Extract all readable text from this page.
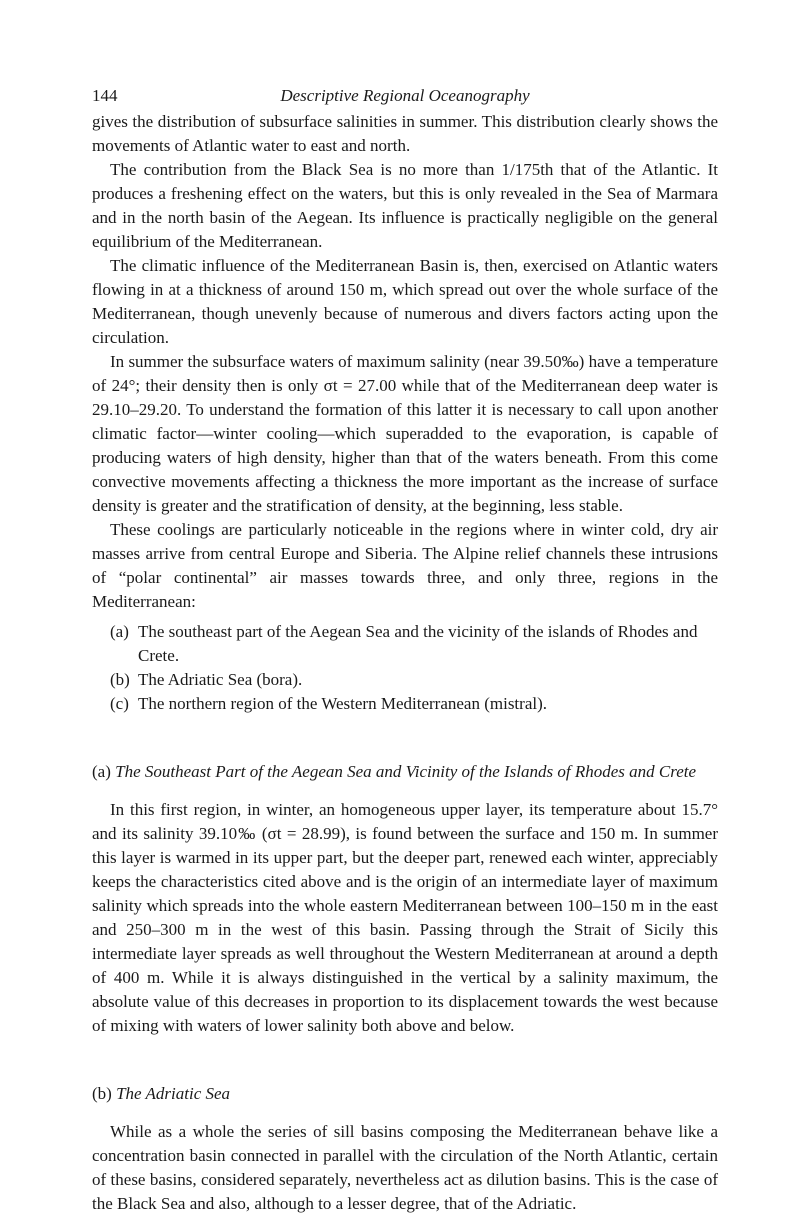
144	Descriptive Regional Oceanography

gives the distribution of subsurface salinities in summer. This distribution clearly shows the movements of Atlantic water to east and north.

The contribution from the Black Sea is no more than 1/175th that of the Atlantic. It produces a freshening effect on the waters, but this is only revealed in the Sea of Marmara and in the north basin of the Aegean. Its influence is practically negligible on the general equilibrium of the Mediterranean.

The climatic influence of the Mediterranean Basin is, then, exercised on Atlantic waters flowing in at a thickness of around 150 m, which spread out over the whole surface of the Mediterranean, though unevenly because of numerous and divers factors acting upon the circulation.

In summer the subsurface waters of maximum salinity (near 39.50‰) have a temperature of 24°; their density then is only σt = 27.00 while that of the Mediterranean deep water is 29.10–29.20. To understand the formation of this latter it is necessary to call upon another climatic factor—winter cooling—which superadded to the evaporation, is capable of producing waters of high density, higher than that of the waters beneath. From this come convective movements affecting a thickness the more important as the increase of surface density is greater and the stratification of density, at the beginning, less stable.

These coolings are particularly noticeable in the regions where in winter cold, dry air masses arrive from central Europe and Siberia. The Alpine relief channels these intrusions of “polar continental” air masses towards three, and only three, regions in the Mediterranean:

(a) The southeast part of the Aegean Sea and the vicinity of the islands of Rhodes and Crete.
(b) The Adriatic Sea (bora).
(c) The northern region of the Western Mediterranean (mistral).
(a) The Southeast Part of the Aegean Sea and Vicinity of the Islands of Rhodes and Crete

In this first region, in winter, an homogeneous upper layer, its temperature about 15.7° and its salinity 39.10‰ (σt = 28.99), is found between the surface and 150 m. In summer this layer is warmed in its upper part, but the deeper part, renewed each winter, appreciably keeps the characteristics cited above and is the origin of an intermediate layer of maximum salinity which spreads into the whole eastern Mediterranean between 100–150 m in the east and 250–300 m in the west of this basin. Passing through the Strait of Sicily this intermediate layer spreads as well throughout the Western Mediterranean at around a depth of 400 m. While it is always distinguished in the vertical by a salinity maximum, the absolute value of this decreases in proportion to its displacement towards the west because of mixing with waters of lower salinity both above and below.

(b) The Adriatic Sea

While as a whole the series of sill basins composing the Mediterranean behave like a concentration basin connected in parallel with the circulation of the North Atlantic, certain of these basins, considered separately, nevertheless act as dilution basins. This is the case of the Black Sea and also, although to a lesser degree, that of the Adriatic.
